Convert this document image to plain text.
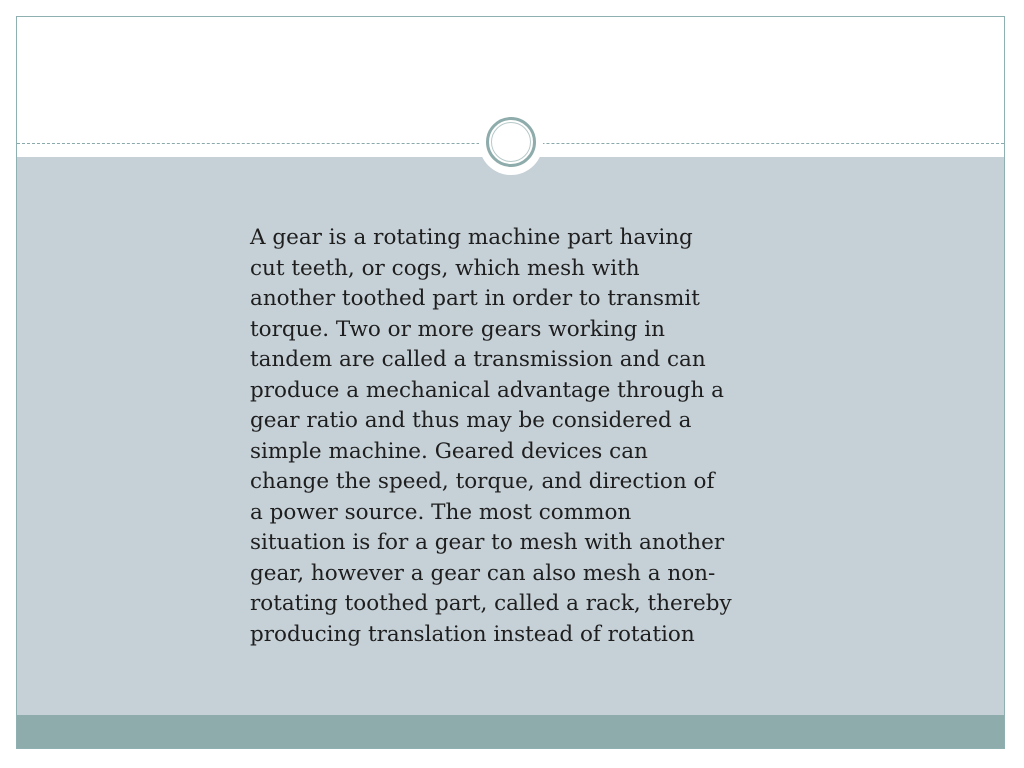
A gear is a rotating machine part having
cut teeth, or cogs, which mesh with
another toothed part in order to transmit
torque. Two or more gears working in
tandem are called a transmission and can
produce a mechanical advantage through a
gear ratio and thus may be considered a
simple machine. Geared devices can
change the speed, torque, and direction of
a power source. The most common
situation is for a gear to mesh with another
gear, however a gear can also mesh a non-
rotating toothed part, called a rack, thereby
producing translation instead of rotation
